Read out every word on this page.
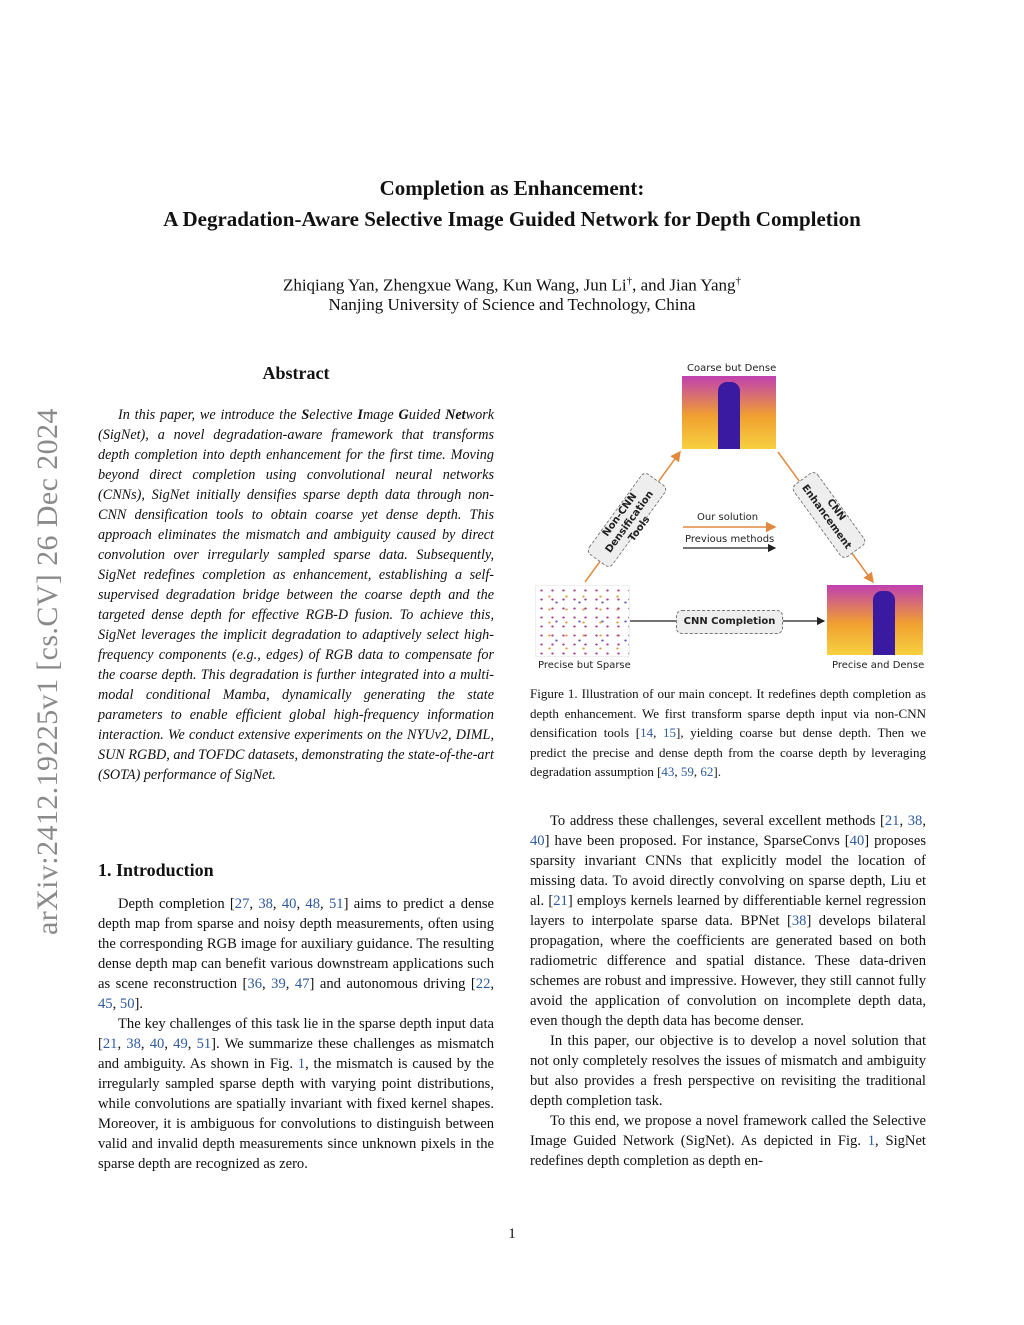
arXiv:2412.19225v1 [cs.CV] 26 Dec 2024
Completion as Enhancement:
A Degradation-Aware Selective Image Guided Network for Depth Completion
Zhiqiang Yan, Zhengxue Wang, Kun Wang, Jun Li†, and Jian Yang†
Nanjing University of Science and Technology, China
Abstract

In this paper, we introduce the Selective Image Guided Network (SigNet), a novel degradation-aware framework that transforms depth completion into depth enhancement for the first time. Moving beyond direct completion using convolutional neural networks (CNNs), SigNet initially densifies sparse depth data through non-CNN densification tools to obtain coarse yet dense depth. This approach eliminates the mismatch and ambiguity caused by direct convolution over irregularly sampled sparse data. Subsequently, SigNet redefines completion as enhancement, establishing a self-supervised degradation bridge between the coarse depth and the targeted dense depth for effective RGB-D fusion. To achieve this, SigNet leverages the implicit degradation to adaptively select high-frequency components (e.g., edges) of RGB data to compensate for the coarse depth. This degradation is further integrated into a multi-modal conditional Mamba, dynamically generating the state parameters to enable efficient global high-frequency information interaction. We conduct extensive experiments on the NYUv2, DIML, SUN RGBD, and TOFDC datasets, demonstrating the state-of-the-art (SOTA) performance of SigNet.

1. Introduction

Depth completion [27, 38, 40, 48, 51] aims to predict a dense depth map from sparse and noisy depth measurements, often using the corresponding RGB image for auxiliary guidance. The resulting dense depth map can benefit various downstream applications such as scene reconstruction [36, 39, 47] and autonomous driving [22, 45, 50].

The key challenges of this task lie in the sparse depth input data [21, 38, 40, 49, 51]. We summarize these challenges as mismatch and ambiguity. As shown in Fig. 1, the mismatch is caused by the irregularly sampled sparse depth with varying point distributions, while convolutions are spatially invariant with fixed kernel shapes. Moreover, it is ambiguous for convolutions to distinguish between valid and invalid depth measurements since unknown pixels in the sparse depth are recognized as zero.

Coarse but Dense
Precise but Sparse	Precise and Dense
Our solution
Previous methods
Non-CNN Densification Tools
CNN Enhancement
CNN Completion

Figure 1. Illustration of our main concept. It redefines depth completion as depth enhancement. We first transform sparse depth input via non-CNN densification tools [14, 15], yielding coarse but dense depth. Then we predict the precise and dense depth from the coarse depth by leveraging degradation assumption [43, 59, 62].

To address these challenges, several excellent methods [21, 38, 40] have been proposed. For instance, SparseConvs [40] proposes sparsity invariant CNNs that explicitly model the location of missing data. To avoid directly convolving on sparse depth, Liu et al. [21] employs kernels learned by differentiable kernel regression layers to interpolate sparse data. BPNet [38] develops bilateral propagation, where the coefficients are generated based on both radiometric difference and spatial distance. These data-driven schemes are robust and impressive. However, they still cannot fully avoid the application of convolution on incomplete depth data, even though the depth data has become denser.

In this paper, our objective is to develop a novel solution that not only completely resolves the issues of mismatch and ambiguity but also provides a fresh perspective on revisiting the traditional depth completion task.

To this end, we propose a novel framework called the Selective Image Guided Network (SigNet). As depicted in Fig. 1, SigNet redefines depth completion as depth en-

1
